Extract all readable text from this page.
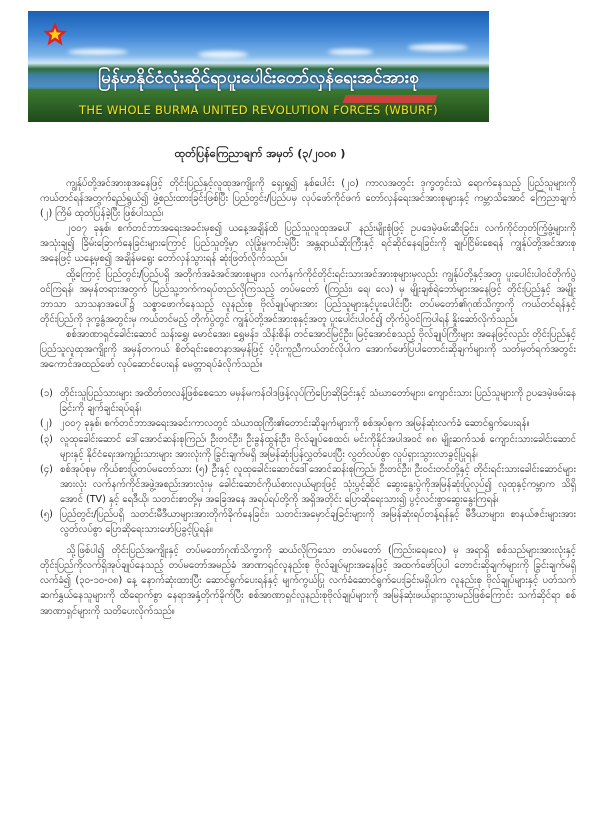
မြန်မာနိုင်ငံလုံးဆိုင်ရာပူးပေါင်းတော်လှန်ရေးအင်အားစု
THE WHOLE BURMA UNITED REVOLUTION FORCES (WBURF)
ထုတ်ပြန်ကြေညာချက် အမှတ် (၃/၂၀၀၈ )

ကျွန်ုပ်တို့အင်အားစုအနေဖြင့် တိုင်းပြည်နှင့်လူထုအကျိုးကို ရှေးရှု၍ နှစ်ပေါင်း (၂၀) ကာလအတွင်း ဒုက္ခတွင်းသဲ ရောက်နေသည့် ပြည်သူများကို ကယ်တင်ရန်အတွက်ရည်ရွယ်၍ ဖွဲ့စည်းထားခြင်းဖြစ်ပြီး ပြည်တွင်း/ပြည်ပမှ လုပ်ဖော်ကိုင်ဖက် တော်လှန်ရေးအင်အားစုများနှင့် ကမ္ဘာသိအောင် ကြေညာချက် (၂) ကြိမ် ထုတ်ပြန်ခဲ့ပြီး ဖြစ်ပါသည်၊

၂၀၀၇ ခုနှစ်၊ စက်တင်ဘာအရေးအခင်းမှစ၍ ယနေ့အချိန်ထိ ပြည်သူလူထုအပေါ် နည်းမျိုးစုံဖြင့် ဥပဒေမဲ့ဖမ်းဆီးခြင်း၊ လက်ကိုင်တုတ်ကြံ့ဖွံ့များကို အသုံးချ၍ ခြိမ်းခြောက်နေခြင်းများကြောင့် ပြည်သူတို့မှာ လုံခြုံမှုကင်းမဲ့ပြီး အန္တရာယ်ဆိုးကြီးနှင့် ရင်ဆိုင်နေရခြင်းကို ချုပ်ငြိမ်းစေရန် ကျွန်ုပ်တို့အင်အားစုအနေဖြင့် ယနေ့မှစ၍ အချိန်မရွေး တော်လှန်သွားရန် ဆုံးဖြတ်လိုက်သည်။

ထို့ကြောင့် ပြည်တွင်း/ပြည်ပရှိ အတိုက်အခံအင်အားစုများ၊ လက်နက်ကိုင်တိုင်းရင်းသားအင်အားစုများမှလည်း ကျွန်ုပ်တို့နှင့်အတူ ပူးပေါင်းပါဝင်တိုက်ပွဲဝင်ကြရန်၊ အမှန်တရားအတွက် ပြည်သူ့ဘက်ကရပ်တည်လိုကြသည့် တပ်မတော် (ကြည်း၊ ရေ၊ လေ) မှ မျိုးချစ်ရဲဘော်များအနေဖြင့် တိုင်းပြည်နှင့် အမျိုးဘာသာ သာသနာအပေါ်၌ သစ္စာဖောက်နေသည့် လူနည်းစု ဗိုလ်ချုပ်များအား ပြည်သူများနှင့်ပူးပေါင်းပြီး တပ်မတော်၏ဂုဏ်သိက္ခာကို ကယ်တင်ရန်နှင့် တိုင်းပြည်ကို ဒုက္ခနွံအတွင်းမှ ကယ်တင်မည့် တိုက်ပွဲတွင် ကျွန်ုပ်တို့အင်အားစုနှင့်အတူ ပူးပေါင်းပါဝင်၍ တိုက်ပွဲဝင်ကြပါရန် နှိုးဆော်လိုက်သည်။

စစ်အာဏာရှင်ခေါင်းဆောင် သန်းရွှေ၊ မောင်အေး၊ ရွှေမန်း၊ သိန်းစိန်၊ တင်အောင်မြင့်ဦး၊ မြင့်အောင်စသည့် ဗိုလ်ချုပ်ကြီးများ အနေဖြင့်လည်း တိုင်းပြည်နှင့် ပြည်သူလူထုအကျိုးကို အမှန်တကယ် စိတ်ရင်းစေတနာအမှန်ဖြင့် ပံ့ပိုးကူညီကယ်တင်လိုပါက အောက်ဖော်ပြပါတောင်းဆိုချက်များကို သတ်မှတ်ရက်အတွင်း အကောင်အထည်ဖော် လုပ်ဆောင်ပေးရန် မေတ္တာရပ်ခံလိုက်သည်။

(၁) တိုင်းသူပြည်သားများ အထိတ်တလန့်ဖြစ်စေသော မမှန်မကန်ဝါဒဖြန့်လုပ်ကြံပြောဆိုခြင်းနှင့် သံဃာတော်များ၊ ကျောင်းသား ပြည်သူများကို ဥပဒေမဲ့ဖမ်းနေခြင်းကို ချက်ချင်းရပ်ရန်၊
(၂) ၂၀၀၇ ခုနှစ်၊ စက်တင်ဘာအရေးအခင်းကာလတွင် သံဃာထုကြီး၏တောင်းဆိုချက်များကို စစ်အုပ်စုက အမြန်ဆုံးလက်ခံ ဆောင်ရွက်ပေးရန်။
(၃) လူထုခေါင်းဆောင် ဒေါ်အောင်ဆန်းစုကြည်၊ ဦးတင်ဦး၊ ဦးခွန်ထွန်းဦး၊ ဗိုလ်ချုပ်စေထင်၊ မင်းကိုနိုင်အပါအဝင် ၈၈ မျိုးဆက်သစ် ကျောင်းသားခေါင်းဆောင်များနှင့် နိုင်ငံရေးအကျဉ်းသားများ အားလုံးကို ခြွင်းချက်မရှိ အမြန်ဆုံးပြန်လွှတ်ပေးပြီး လွတ်လပ်စွာ လှုပ်ရှားသွားလာခွင့်ပြုရန်၊
(၄) စစ်အုပ်စုမှ ကိုယ်စားပြုတပ်မတော်သား (၅) ဦးနှင့် လူထုခေါင်းဆောင်ဒေါ်အောင်ဆန်းစုကြည်၊ ဦးတင်ဦး၊ ဦးဝင်းတင်တို့နှင့် တိုင်းရင်းသားခေါင်းဆောင်များအားလုံး လက်နက်ကိုင်အဖွဲ့အစည်းအားလုံးမှ ခေါင်းဆောင်ကိုယ်စားလှယ်များဖြင့် သုံးပွင့်ဆိုင် ဆွေးနွေးပွဲကိုအမြန်ဆုံးပြုလုပ်၍ လူထုနှင့်ကမ္ဘာက သိရှိအောင် (TV) နှင့် ရေဒီယို၊ သတင်းစာတို့မှ အခြေအနေ အရပ်ရပ်တို့ကို အရှိအတိုင်း ပြောဆိုရေးသား၍ ပွင့်လင်းစွာဆွေးနွေးကြရန်၊
(၅) ပြည်တွင်း/ပြည်ပရှိ သတင်းမီဒီယာများအားတိုက်ခိုက်နေခြင်း၊ သတင်းအမှောင်ချခြင်းများကို အမြန်ဆုံးရပ်တန့်ရန်နှင့် မီဒီယာများ၊ စာနယ်ဇင်းများအား လွတ်လပ်စွာ ပြောဆိုရေးသားဖော်ပြခွင့်ပြုရန်။

သို့ဖြစ်ပါ၍ တိုင်းပြည်အကျိုးနှင့် တပ်မတော်ဂုဏ်သိက္ခာကို ဆယ်လိုကြသော တပ်မတော် (ကြည်း၊ရေ၊လေ) မှ အရာရှိ စစ်သည်များအားလုံးနှင့် တိုင်းပြည်ကိုလက်ရှိအုပ်ချုပ်နေသည့် တပ်မတော်အမည်ခံ အာဏာရှင်လူနည်းစု ဗိုလ်ချုပ်များအနေဖြင့် အထက်ဖော်ပြပါ တောင်းဆိုချက်များကို ခြွင်းချက်မရှိ လက်ခံ၍ (၃၀-၁၀-၀၈) နေ့ နောက်ဆုံးထားပြီး ဆောင်ရွက်ပေးရန်နှင့် မျက်ကွယ်ပြု လက်ခံဆောင်ရွက်ပေးခြင်းမရှိပါက လူနည်းစု ဗိုလ်ချုပ်များနှင့် ပတ်သက်ဆက်နွှယ်နေသူများကို ထိရောက်စွာ နေရာအနှံ့တိုက်ခိုက်ပြီး စစ်အာဏာရှင်လူနည်းစုဗိုလ်ချုပ်များကို အမြန်ဆုံးဖယ်ရှားသွားမည်ဖြစ်ကြောင်း သက်ဆိုင်ရာ စစ်အာဏာရှင်များကို သတိပေးလိုက်သည်။
